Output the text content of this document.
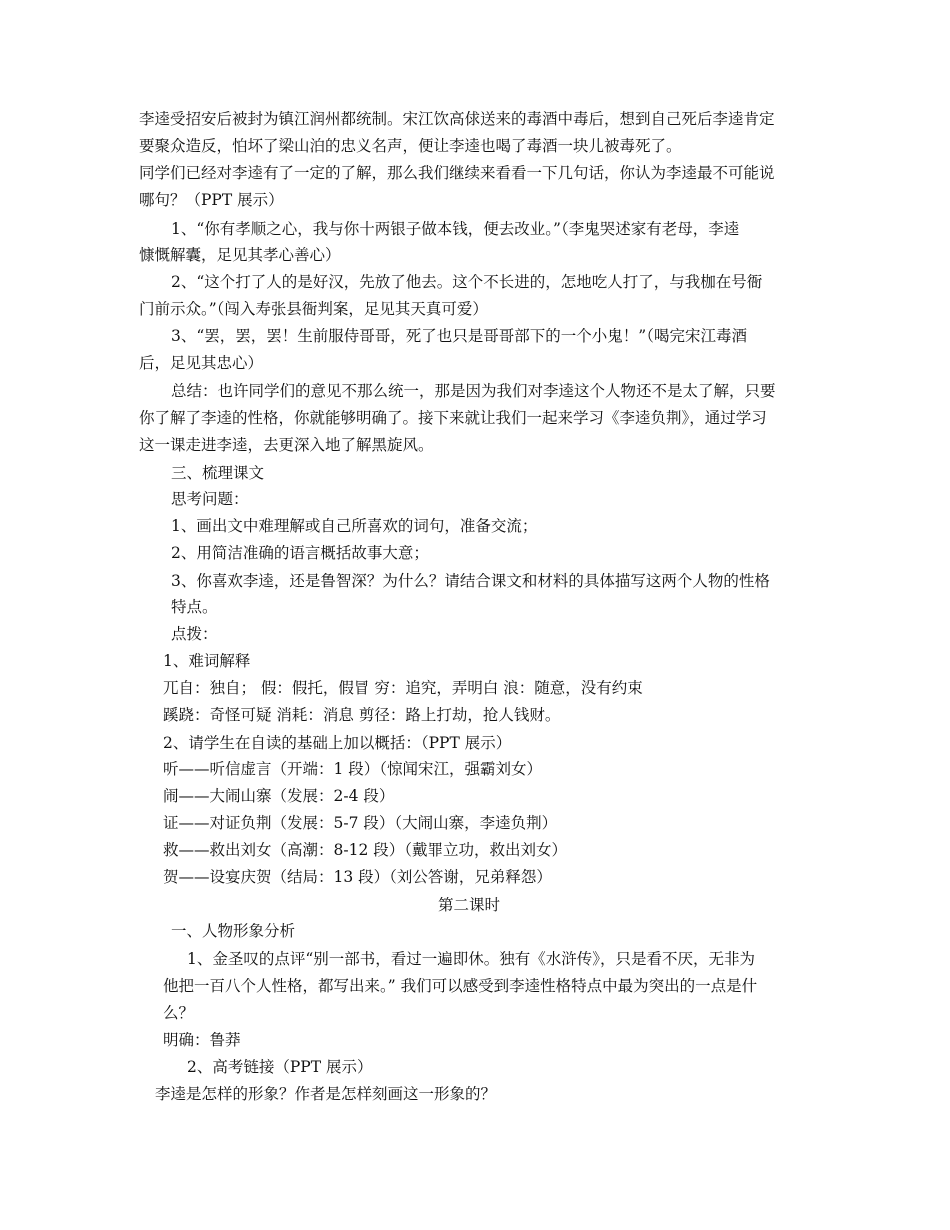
李逵受招安后被封为镇江润州都统制。宋江饮高俅送来的毒酒中毒后，想到自己死后李逵肯定
要聚众造反，怕坏了梁山泊的忠义名声，便让李逵也喝了毒酒一块儿被毒死了。
同学们已经对李逵有了一定的了解，那么我们继续来看看一下几句话，你认为李逵最不可能说
哪句？（PPT 展示）
1、“你有孝顺之心，我与你十两银子做本钱，便去改业。”（李鬼哭述家有老母，李逵
慷慨解囊，足见其孝心善心）
2、“这个打了人的是好汉，先放了他去。这个不长进的，怎地吃人打了，与我枷在号衙
门前示众。”（闯入寿张县衙判案，足见其天真可爱）
3、“罢，罢，罢！生前服侍哥哥，死了也只是哥哥部下的一个小鬼！”（喝完宋江毒酒
后，足见其忠心）
总结：也许同学们的意见不那么统一，那是因为我们对李逵这个人物还不是太了解，只要
你了解了李逵的性格，你就能够明确了。接下来就让我们一起来学习《李逵负荆》，通过学习
这一课走进李逵，去更深入地了解黑旋风。
三、梳理课文
思考问题：
1、画出文中难理解或自己所喜欢的词句，准备交流；
2、用简洁准确的语言概括故事大意；
3、你喜欢李逵，还是鲁智深？为什么？请结合课文和材料的具体描写这两个人物的性格
特点。
点拨：
1、难词解释
兀自：独自； 假：假托，假冒 穷：追究，弄明白 浪：随意，没有约束
蹊跷：奇怪可疑 消耗：消息 剪径：路上打劫，抢人钱财。
2、请学生在自读的基础上加以概括：（PPT 展示）
听——听信虚言（开端：1 段）（惊闻宋江，强霸刘女）
闹——大闹山寨（发展：2-4 段）
证——对证负荆（发展：5-7 段）（大闹山寨，李逵负荆）
救——救出刘女（高潮：8-12 段）（戴罪立功，救出刘女）
贺——设宴庆贺（结局：13 段）（刘公答谢，兄弟释怨）
第二课时
一、人物形象分析
1、金圣叹的点评“别一部书，看过一遍即休。独有《水浒传》，只是看不厌，无非为
他把一百八个人性格，都写出来。” 我们可以感受到李逵性格特点中最为突出的一点是什
么？
明确：鲁莽
2、高考链接（PPT 展示）
李逵是怎样的形象？作者是怎样刻画这一形象的？
